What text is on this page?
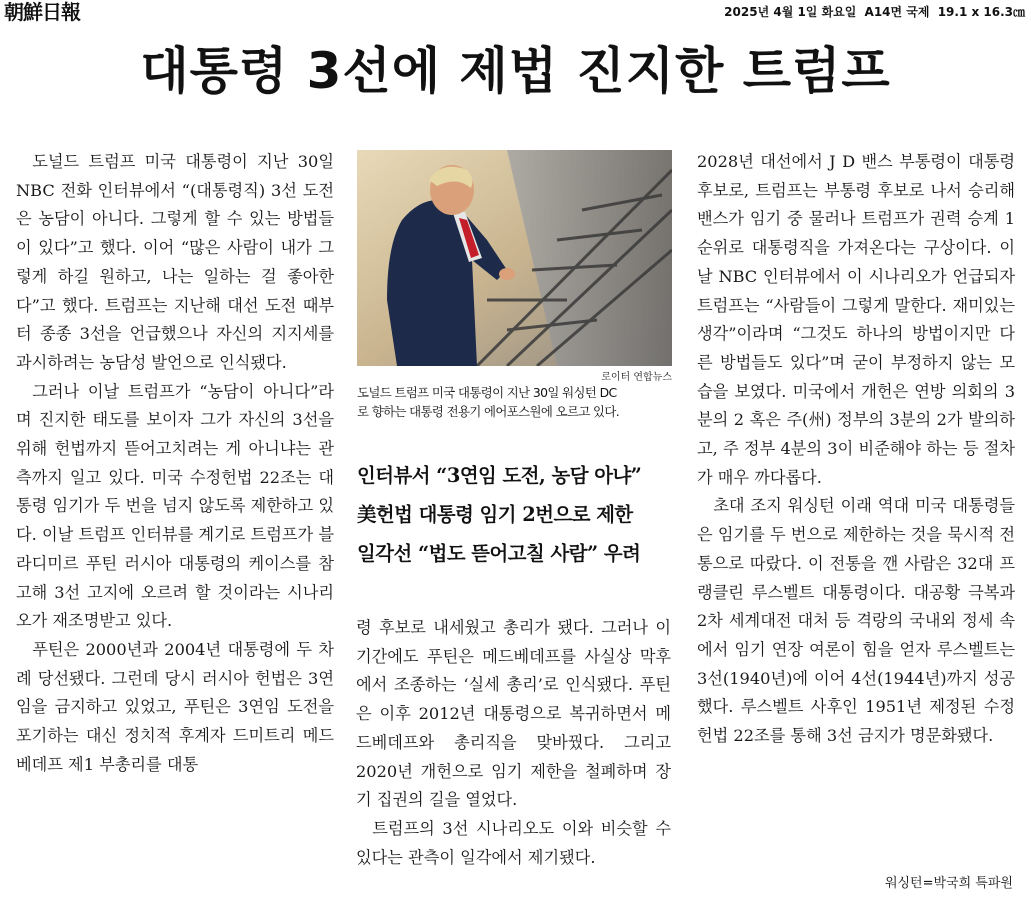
朝鮮日報	2025년 4월 1일 화요일 A14면 국제 19.1 x 16.3㎝
대통령 3선에 제법 진지한 트럼프

도널드 트럼프 미국 대통령이 지난 30일 NBC 전화 인터뷰에서 “(대통령직) 3선 도전은 농담이 아니다. 그렇게 할 수 있는 방법들이 있다”고 했다. 이어 “많은 사람이 내가 그렇게 하길 원하고, 나는 일하는 걸 좋아한다”고 했다. 트럼프는 지난해 대선 도전 때부터 종종 3선을 언급했으나 자신의 지지세를 과시하려는 농담성 발언으로 인식됐다.

그러나 이날 트럼프가 “농담이 아니다”라며 진지한 태도를 보이자 그가 자신의 3선을 위해 헌법까지 뜯어고치려는 게 아니냐는 관측까지 일고 있다. 미국 수정헌법 22조는 대통령 임기가 두 번을 넘지 않도록 제한하고 있다. 이날 트럼프 인터뷰를 계기로 트럼프가 블라디미르 푸틴 러시아 대통령의 케이스를 참고해 3선 고지에 오르려 할 것이라는 시나리오가 재조명받고 있다.

푸틴은 2000년과 2004년 대통령에 두 차례 당선됐다. 그런데 당시 러시아 헌법은 3연임을 금지하고 있었고, 푸틴은 3연임 도전을 포기하는 대신 정치적 후계자 드미트리 메드베데프 제1 부총리를 대통

로이터 연합뉴스
도널드 트럼프 미국 대통령이 지난 30일 워싱턴 DC
로 향하는 대통령 전용기 에어포스원에 오르고 있다.
인터뷰서 “3연임 도전, 농담 아냐”
美헌법 대통령 임기 2번으로 제한
일각선 “법도 뜯어고칠 사람” 우려

령 후보로 내세웠고 총리가 됐다. 그러나 이 기간에도 푸틴은 메드베데프를 사실상 막후에서 조종하는 ‘실세 총리’로 인식됐다. 푸틴은 이후 2012년 대통령으로 복귀하면서 메드베데프와 총리직을 맞바꿨다. 그리고 2020년 개헌으로 임기 제한을 철폐하며 장기 집권의 길을 열었다.

트럼프의 3선 시나리오도 이와 비슷할 수 있다는 관측이 일각에서 제기됐다.

2028년 대선에서 J D 밴스 부통령이 대통령 후보로, 트럼프는 부통령 후보로 나서 승리해 밴스가 임기 중 물러나 트럼프가 권력 승계 1순위로 대통령직을 가져온다는 구상이다. 이날 NBC 인터뷰에서 이 시나리오가 언급되자 트럼프는 “사람들이 그렇게 말한다. 재미있는 생각”이라며 “그것도 하나의 방법이지만 다른 방법들도 있다”며 굳이 부정하지 않는 모습을 보였다. 미국에서 개헌은 연방 의회의 3분의 2 혹은 주(州) 정부의 3분의 2가 발의하고, 주 정부 4분의 3이 비준해야 하는 등 절차가 매우 까다롭다.

초대 조지 워싱턴 이래 역대 미국 대통령들은 임기를 두 번으로 제한하는 것을 묵시적 전통으로 따랐다. 이 전통을 깬 사람은 32대 프랭클린 루스벨트 대통령이다. 대공황 극복과 2차 세계대전 대처 등 격랑의 국내외 정세 속에서 임기 연장 여론이 힘을 얻자 루스벨트는 3선(1940년)에 이어 4선(1944년)까지 성공했다. 루스벨트 사후인 1951년 제정된 수정헌법 22조를 통해 3선 금지가 명문화됐다.

워싱턴=박국희 특파원
